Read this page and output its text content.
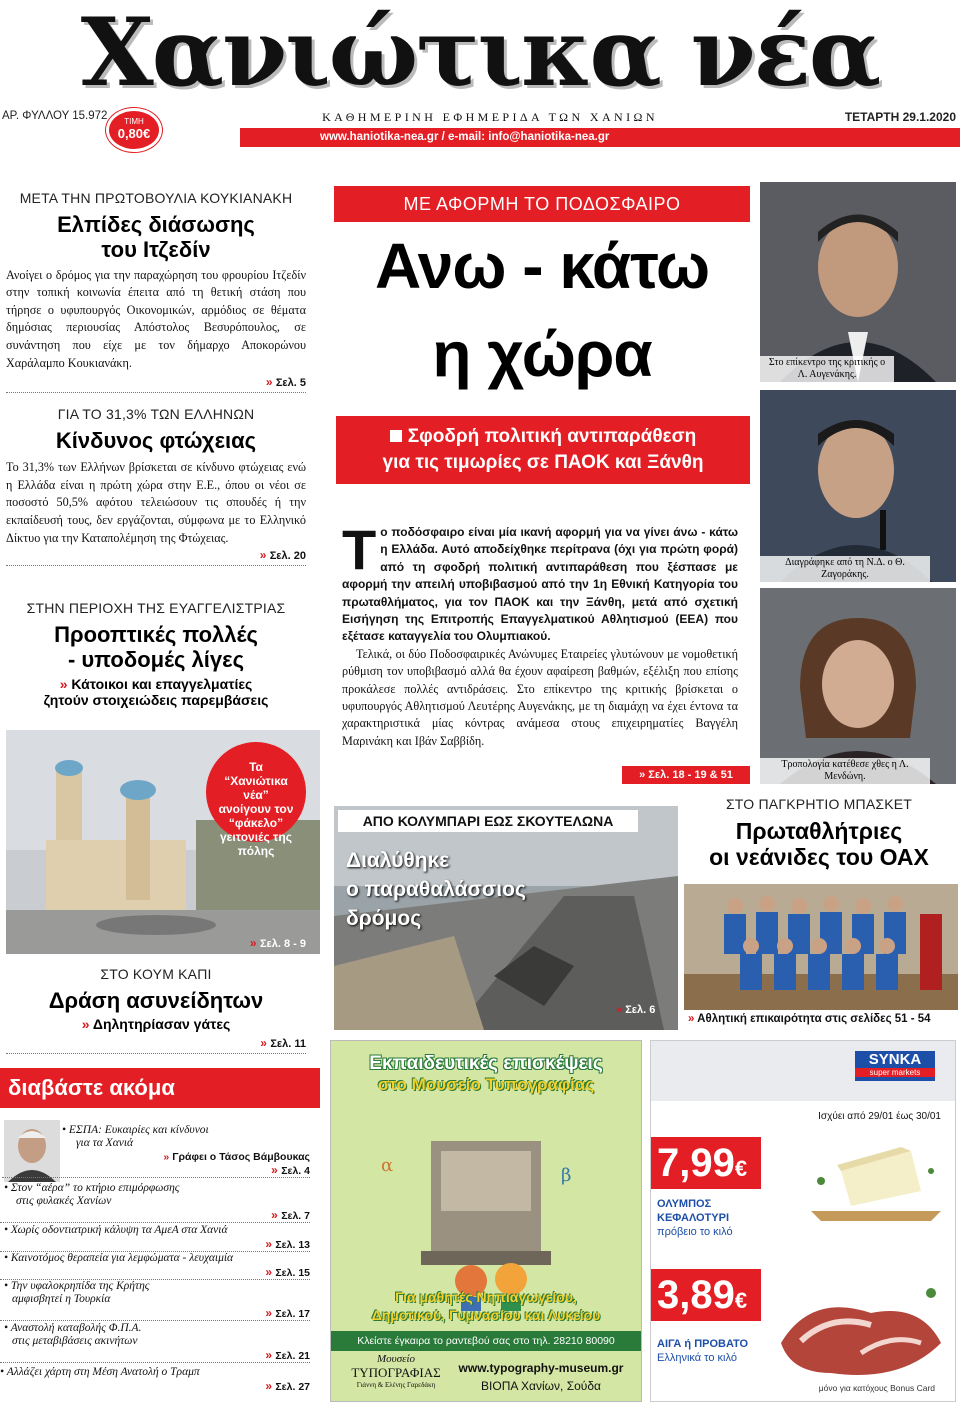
Χανιώτικα νέα
ΑΡ. ΦΥΛΛΟΥ 15.972	ΤΙΜΗ
0,80€
ΚΑΘΗΜΕΡΙΝΗ ΕΦΗΜΕΡΙΔΑ ΤΩΝ ΧΑΝΙΩΝ	ΤΕΤΑΡΤΗ 29.1.2020
www.haniotika-nea.gr / e-mail: info@haniotika-nea.gr
ΜΕΤΑ ΤΗΝ ΠΡΩΤΟΒΟΥΛΙΑ ΚΟΥΚΙΑΝΑΚΗ
Ελπίδες διάσωσης
του Ιτζεδίν
Ανοίγει ο δρόμος για την παραχώρηση του φρουρίου Ιτζεδίν στην τοπική κοινωνία έπειτα από τη θετική στάση που τήρησε ο υφυπουργός Οικονομικών, αρμόδιος σε θέματα δημόσιας περιουσίας Απόστολος Βεσυρόπουλος, σε συνάντηση που είχε με τον δήμαρχο Αποκορώνου Χαράλαμπο Κουκιανάκη.
» Σελ. 5
ΓΙΑ ΤΟ 31,3% ΤΩΝ ΕΛΛΗΝΩΝ
Κίνδυνος φτώχειας
Το 31,3% των Ελλήνων βρίσκεται σε κίνδυνο φτώχειας ενώ η Ελλάδα είναι η πρώτη χώρα στην Ε.Ε., όπου οι νέοι σε ποσοστό 50,5% αφότου τελειώσουν τις σπουδές ή την εκπαίδευσή τους, δεν εργάζονται, σύμφωνα με το Ελληνικό Δίκτυο για την Καταπολέμηση της Φτώχειας.
» Σελ. 20
ΣΤΗΝ ΠΕΡΙΟΧΗ ΤΗΣ ΕΥΑΓΓΕΛΙΣΤΡΙΑΣ
Προοπτικές πολλές
- υποδομές λίγες
» Κάτοικοι και επαγγελματίες
ζητούν στοιχειώδεις παρεμβάσεις
Τα “Χανιώτικα νέα” ανοίγουν τον “φάκελο” γειτονιές της πόλης
» Σελ. 8 - 9
ΣΤΟ ΚΟΥΜ ΚΑΠΙ
Δράση ασυνείδητων
» Δηλητηρίασαν γάτες
» Σελ. 11
ΜΕ ΑΦΟΡΜΗ ΤΟ ΠΟΔΟΣΦΑΙΡΟ
Ανω - κάτω
η χώρα
Σφοδρή πολιτική αντιπαράθεση
για τις τιμωρίες σε ΠΑΟΚ και Ξάνθη
Τ ο ποδόσφαιρο είναι μία ικανή αφορμή για να γίνει άνω - κάτω η Ελλάδα. Αυτό αποδείχθηκε περίτρανα (όχι για πρώτη φορά) από τη σφοδρή πολιτική αντιπαράθεση που ξέσπασε με αφορμή την απειλή υποβιβασμού από την 1η Εθνική Κατηγορία του πρωταθλήματος, για τον ΠΑΟΚ και την Ξάνθη, μετά από σχετική Εισήγηση της Επιτροπής Επαγγελματικού Αθλητισμού (ΕΕΑ) που εξέτασε καταγγελία του Ολυμπιακού.
Τελικά, οι δύο Ποδοσφαιρικές Ανώνυμες Εταιρείες γλυτώνουν με νομοθετική ρύθμιση τον υποβιβασμό αλλά θα έχουν αφαίρεση βαθμών, εξέλιξη που επίσης προκάλεσε πολλές αντιδράσεις. Στο επίκεντρο της κριτικής βρίσκεται ο υφυπουργός Αθλητισμού Λευτέρης Αυγενάκης, με τη διαμάχη να έχει έντονα τα χαρακτηριστικά μίας κόντρας ανάμεσα στους επιχειρηματίες Βαγγέλη Μαρινάκη και Ιβάν Σαββίδη.
» Σελ. 18 - 19 & 51
Στο επίκεντρο της κριτικής ο Λ. Αυγενάκης.
Διαγράφηκε από τη Ν.Δ. ο Θ. Ζαγοράκης.
Τροπολογία κατέθεσε χθες η Λ. Μενδώνη.
ΑΠΟ ΚΟΛΥΜΠΑΡΙ ΕΩΣ ΣΚΟΥΤΕΛΩΝΑ
Διαλύθηκε
ο παραθαλάσσιος
δρόμος
» Σελ. 6
ΣΤΟ ΠΑΓΚΡΗΤΙΟ ΜΠΑΣΚΕΤ
Πρωταθλήτριες
οι νεάνιδες του ΟΑΧ
» Αθλητική επικαιρότητα στις σελίδες 51 - 54
διαβάστε ακόμα
• ΕΣΠΑ: Ευκαιρίες και κίνδυνοι
για τα Χανιά
» Γράφει ο Τάσος Βάμβουκας
» Σελ. 4
• Στον “αέρα” το κτήριο επιμόρφωσης
στις φυλακές Χανίων
» Σελ. 7
• Χωρίς οδοντιατρική κάλυψη τα ΑμεΑ στα Χανιά
» Σελ. 13
• Καινοτόμος θεραπεία για λεμφώματα - λευχαιμία
» Σελ. 15
• Την υφαλοκρηπίδα της Κρήτης
αμφισβητεί η Τουρκία
» Σελ. 17
• Αναστολή καταβολής Φ.Π.Α.
στις μεταβιβάσεις ακινήτων
» Σελ. 21
• Αλλάζει χάρτη στη Μέση Ανατολή ο Τραμπ
» Σελ. 27
Εκπαιδευτικές επισκέψεις
στο Μουσείο Τυπογραφίας
α	β
Για μαθητές Νηπιαγωγείου,
Δημοτικού, Γυμνασίου και Λυκείου
Κλείστε έγκαιρα το ραντεβού σας στο τηλ. 28210 80090
Μουσείο
ΤΥΠΟΓΡΑΦΙΑΣ
Γιάννη & Ελένης Γαρεδάκη
www.typography-museum.gr
ΒΙΟΠΑ Χανίων, Σούδα
SYNKA
super markets
Ισχύει από 29/01 έως 30/01
7,99€
ΟΛΥΜΠΟΣ
ΚΕΦΑΛΟΤΥΡΙ
πρόβειο το κιλό
3,89€
ΑΙΓΑ ή ΠΡΟΒΑΤΟ
Ελληνικά το κιλό
μόνο για κατόχους Bonus Card
